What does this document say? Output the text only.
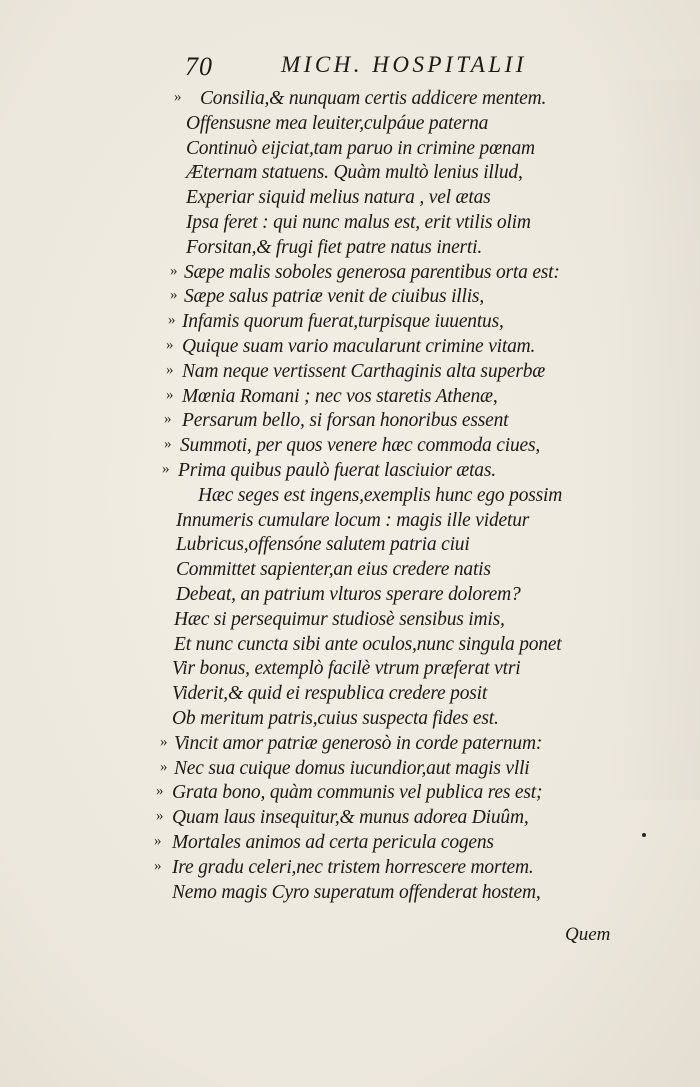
70	MICH. HOSPITALII
» Consilia,& nunquam certis addicere mentem.
Offensusne mea leuiter,culpáue paterna
Continuò eijciat,tam paruo in crimine pœnam
Æternam statuens. Quàm multò lenius illud,
Experiar siquid melius natura , vel ætas
Ipsa feret : qui nunc malus est, erit vtilis olim
Forsitan,& frugi fiet patre natus inerti.
» Sæpe malis soboles generosa parentibus orta est:
» Sæpe salus patriæ venit de ciuibus illis,
» Infamis quorum fuerat,turpisque iuuentus,
» Quique suam vario macularunt crimine vitam.
» Nam neque vertissent Carthaginis alta superbæ
» Mœnia Romani ; nec vos staretis Athenæ,
» Persarum bello, si forsan honoribus essent
» Summoti, per quos venere hæc commoda ciues,
» Prima quibus paulò fuerat lasciuior ætas.
Hæc seges est ingens,exemplis hunc ego possim
Innumeris cumulare locum : magis ille videtur
Lubricus,offensóne salutem patria ciui
Committet sapienter,an eius credere natis
Debeat, an patrium vlturos sperare dolorem?
Hæc si persequimur studiosè sensibus imis,
Et nunc cuncta sibi ante oculos,nunc singula ponet
Vir bonus, extemplò facilè vtrum præferat vtri
Viderit,& quid ei respublica credere posit
Ob meritum patris,cuius suspecta fides est.
» Vincit amor patriæ generosò in corde paternum:
» Nec sua cuique domus iucundior,aut magis vlli
» Grata bono, quàm communis vel publica res est;
» Quam laus insequitur,& munus adorea Diuûm,
» Mortales animos ad certa pericula cogens
» Ire gradu celeri,nec tristem horrescere mortem.
Nemo magis Cyro superatum offenderat hostem,
Quem
